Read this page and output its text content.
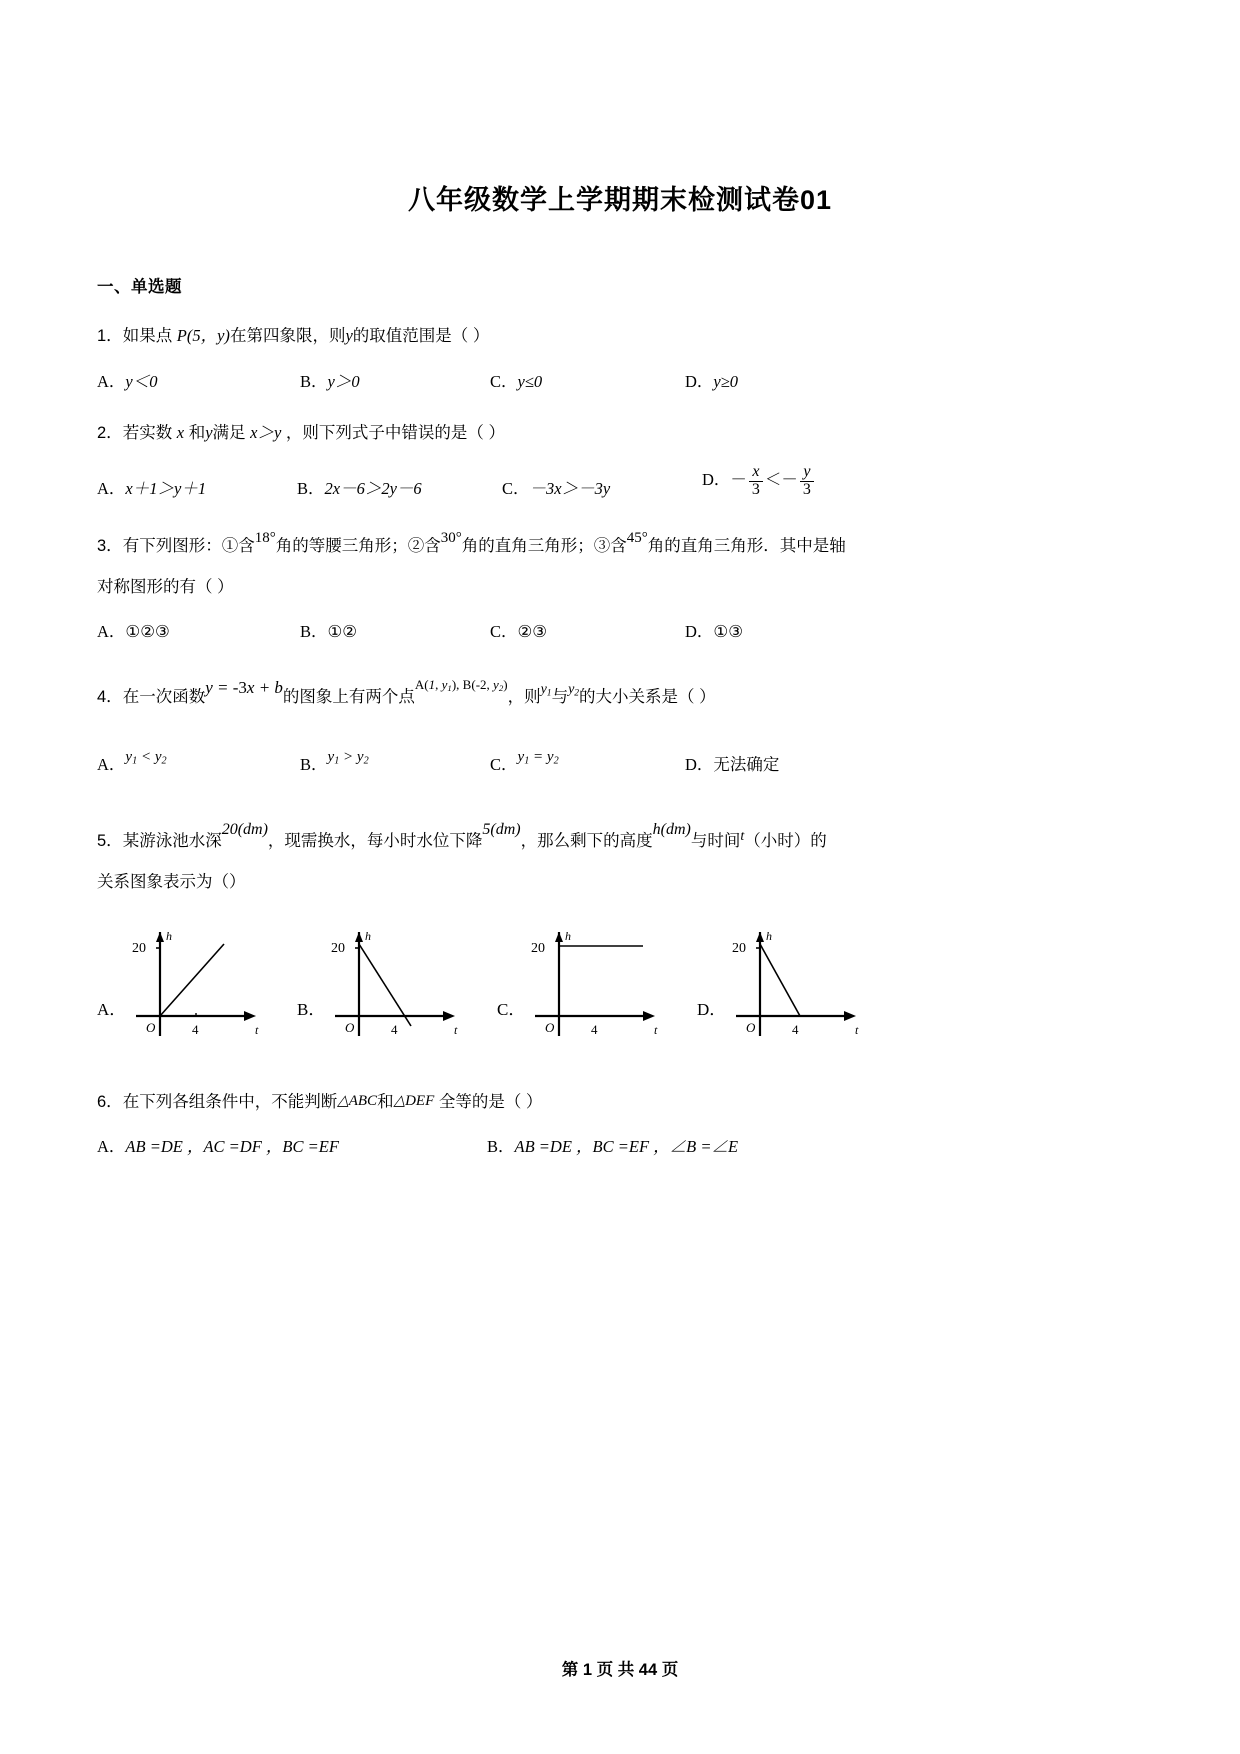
八年级数学上学期期末检测试卷01
一、单选题
1．如果点 P(5，y)在第四象限，则y的取值范围是（ ）
A．y＜0	B．y＞0	C．y≤0	D．y≥0
2．若实数 x 和y满足 x＞y ，则下列式子中错误的是（ ）
A．x＋1＞y＋1	B．2x－6＞2y－6	C．－3x＞－3y	D．－ $\frac{x}{3} <- \frac{y}{3}$
3．有下列图形：①含18°角的等腰三角形；②含30°角的直角三角形；③含45°角的直角三角形．其中是轴
对称图形的有（ ）
A．①②③	B．①②	C．②③	D．①③
4．在一次函数y = -3x + b的图象上有两个点A(1, $y_1$), B(-2, $y_2$)，则$y_1$与$y_2$的大小关系是（ ）
A．$y_1 < y_2$	B．$y_1 > y_2$	C．$y_1 = y_2$	D．无法确定
5．某游泳池水深20(dm)，现需换水，每小时水位下降5(dm)，那么剩下的高度h(dm)与时间t（小时）的
关系图象表示为（）
A．
h
t
20
O	4
B．
h
t
20
O	4
C．
h
t
20
O	4
D．
h
t
20
O	4
6．在下列各组条件中，不能判断△ABC和△DEF 全等的是（ ）
A．AB =DE ，AC =DF ，BC =EF	B．AB =DE ，BC =EF ，∠B =∠E
第 1 页 共 44 页
